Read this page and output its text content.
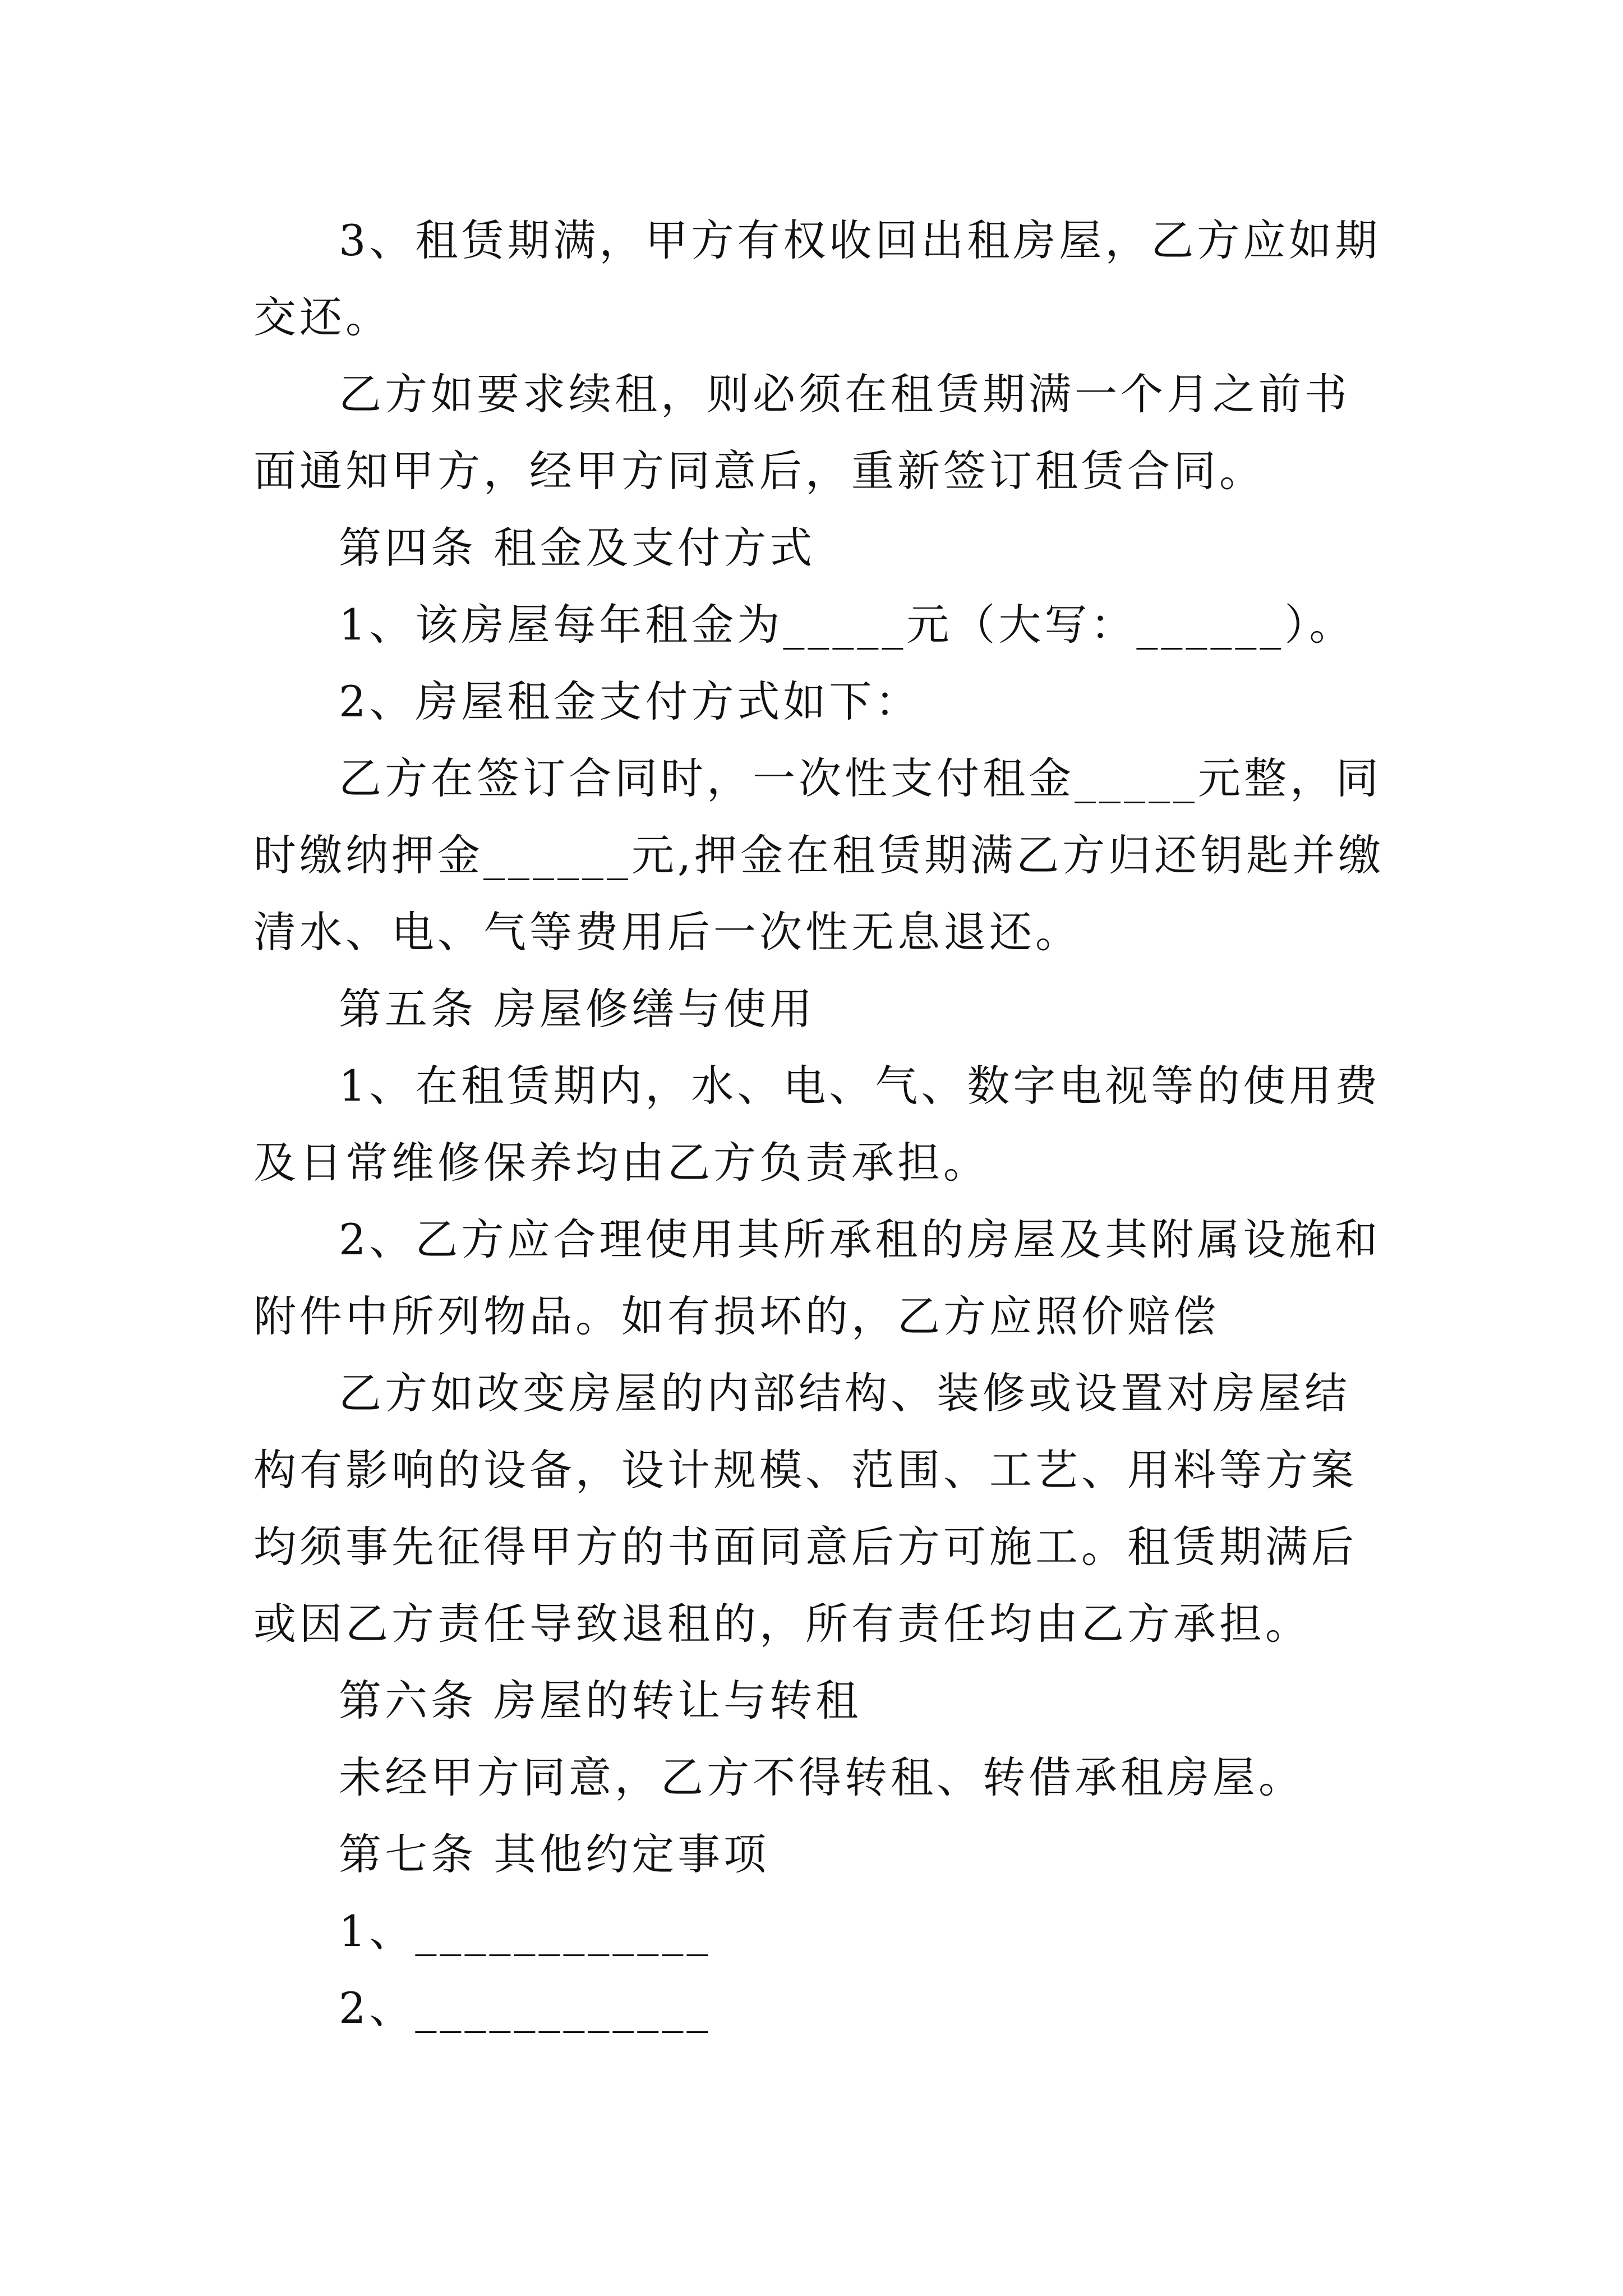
3、租赁期满，甲方有权收回出租房屋，乙方应如期交还。

乙方如要求续租，则必须在租赁期满一个月之前书面通知甲方，经甲方同意后，重新签订租赁合同。

第四条 租金及支付方式

1、该房屋每年租金为_____元（大写：______）。

2、房屋租金支付方式如下：

乙方在签订合同时，一次性支付租金_____元整，同时缴纳押金______元,押金在租赁期满乙方归还钥匙并缴清水、电、气等费用后一次性无息退还。

第五条 房屋修缮与使用

1、在租赁期内，水、电、气、数字电视等的使用费及日常维修保养均由乙方负责承担。

2、乙方应合理使用其所承租的房屋及其附属设施和附件中所列物品。如有损坏的，乙方应照价赔偿

乙方如改变房屋的内部结构、装修或设置对房屋结构有影响的设备，设计规模、范围、工艺、用料等方案均须事先征得甲方的书面同意后方可施工。租赁期满后或因乙方责任导致退租的，所有责任均由乙方承担。

第六条 房屋的转让与转租

未经甲方同意，乙方不得转租、转借承租房屋。

第七条 其他约定事项

1、____________

2、____________
